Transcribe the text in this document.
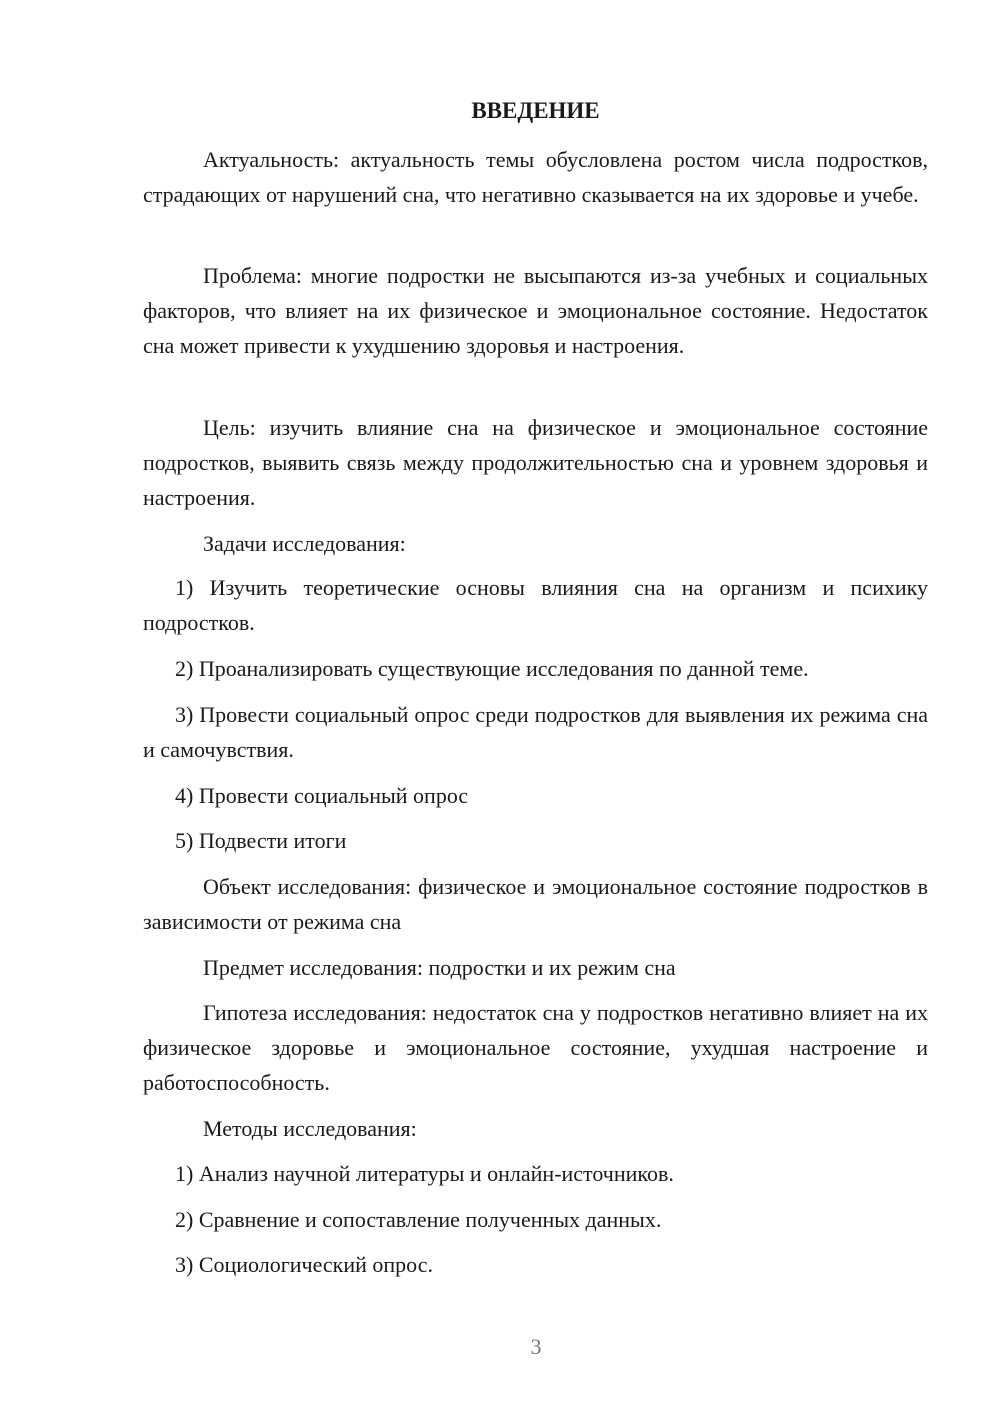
ВВЕДЕНИЕ

Актуальность: актуальность темы обусловлена ростом числа подростков, страдающих от нарушений сна, что негативно сказывается на их здоровье и учебе.

Проблема: многие подростки не высыпаются из-за учебных и социальных факторов, что влияет на их физическое и эмоциональное состояние. Недостаток сна может привести к ухудшению здоровья и настроения.

Цель: изучить влияние сна на физическое и эмоциональное состояние подростков, выявить связь между продолжительностью сна и уровнем здоровья и настроения.

Задачи исследования:

1) Изучить теоретические основы влияния сна на организм и психику подростков.

2) Проанализировать существующие исследования по данной теме.

3) Провести социальный опрос среди подростков для выявления их режима сна и самочувствия.

4) Провести социальный опрос

5) Подвести итоги

Объект исследования: физическое и эмоциональное состояние подростков в зависимости от режима сна

Предмет исследования: подростки и их режим сна

Гипотеза исследования: недостаток сна у подростков негативно влияет на их физическое здоровье и эмоциональное состояние, ухудшая настроение и работоспособность.

Методы исследования:

1) Анализ научной литературы и онлайн-источников.

2) Сравнение и сопоставление полученных данных.

3) Социологический опрос.

3
